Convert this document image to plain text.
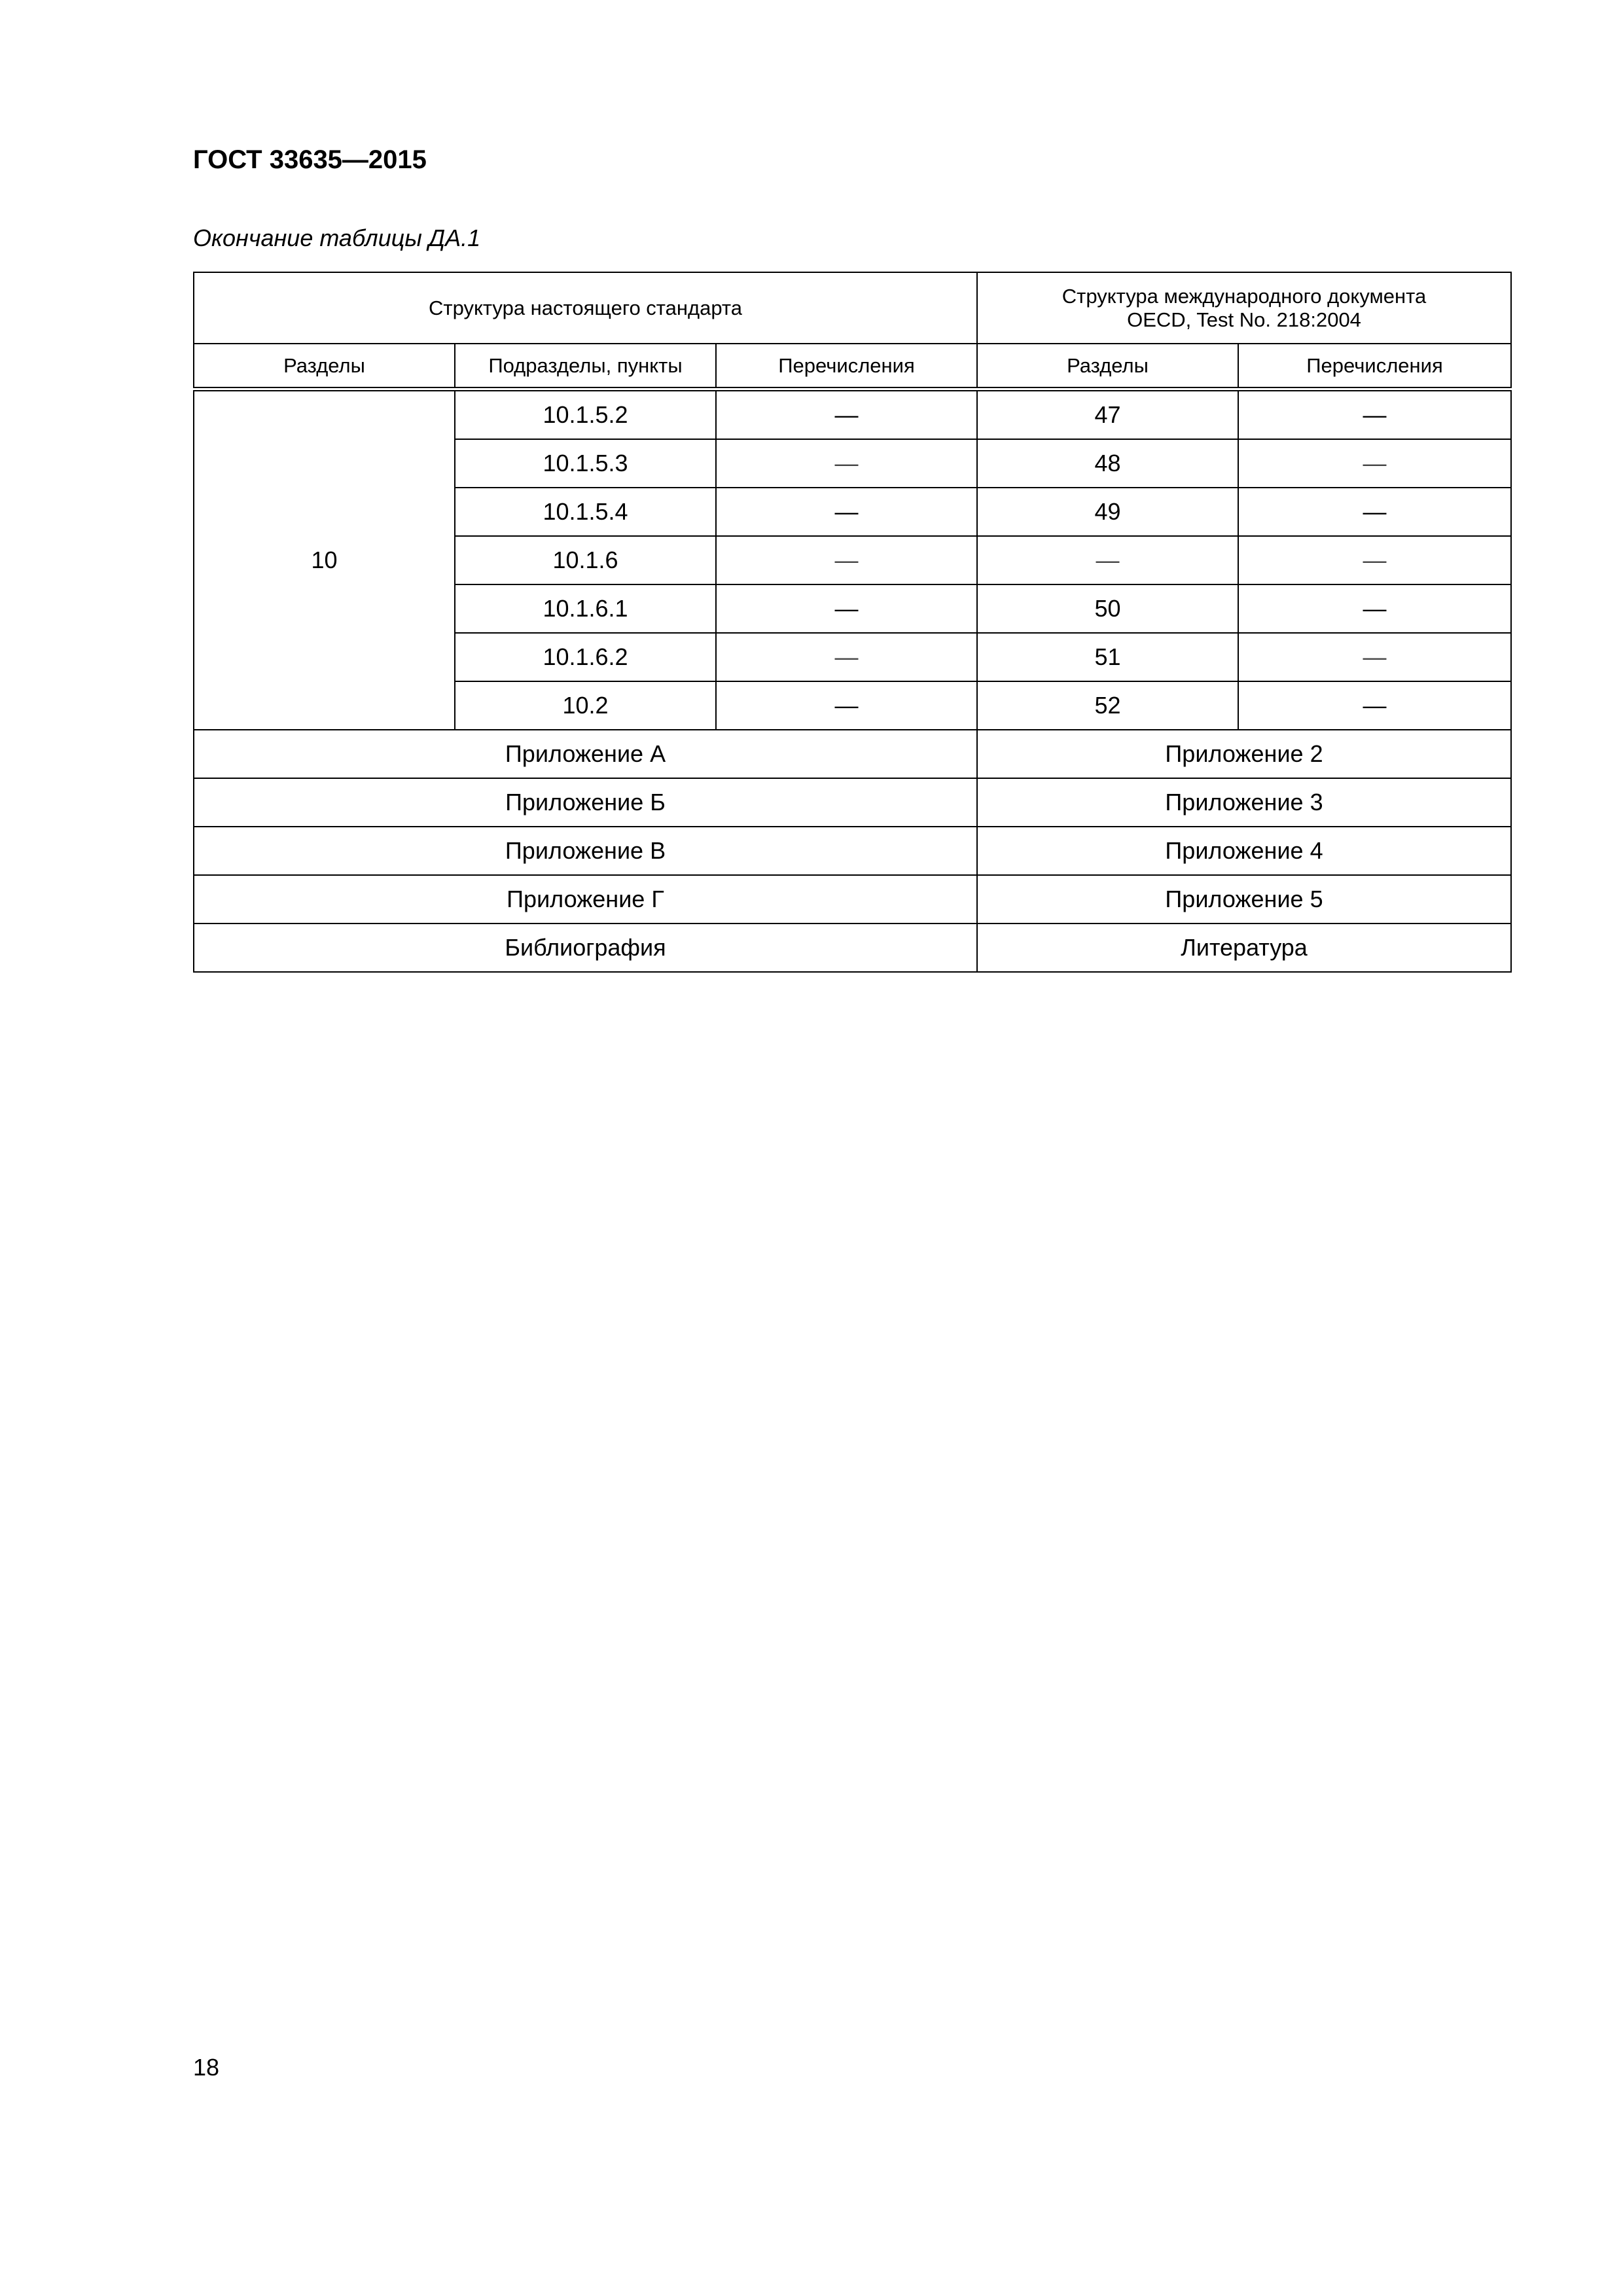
ГОСТ 33635—2015
Окончание таблицы ДА.1
Структура настоящего стандарта			Структура международного документа
OECD, Test No. 218:2004	

Разделы	Подразделы, пункты	Перечисления	Разделы	Перечисления
10	10.1.5.2	—	47	—
	10.1.5.3	—	48	—
	10.1.5.4	—	49	—
	10.1.6	—	—	—
	10.1.6.1	—	50	—
	10.1.6.2	—	51	—
	10.2	—	52	—
Приложение А			Приложение 2	
Приложение Б			Приложение 3	
Приложение В			Приложение 4	
Приложение Г			Приложение 5	
Библиография			Литература	
18
